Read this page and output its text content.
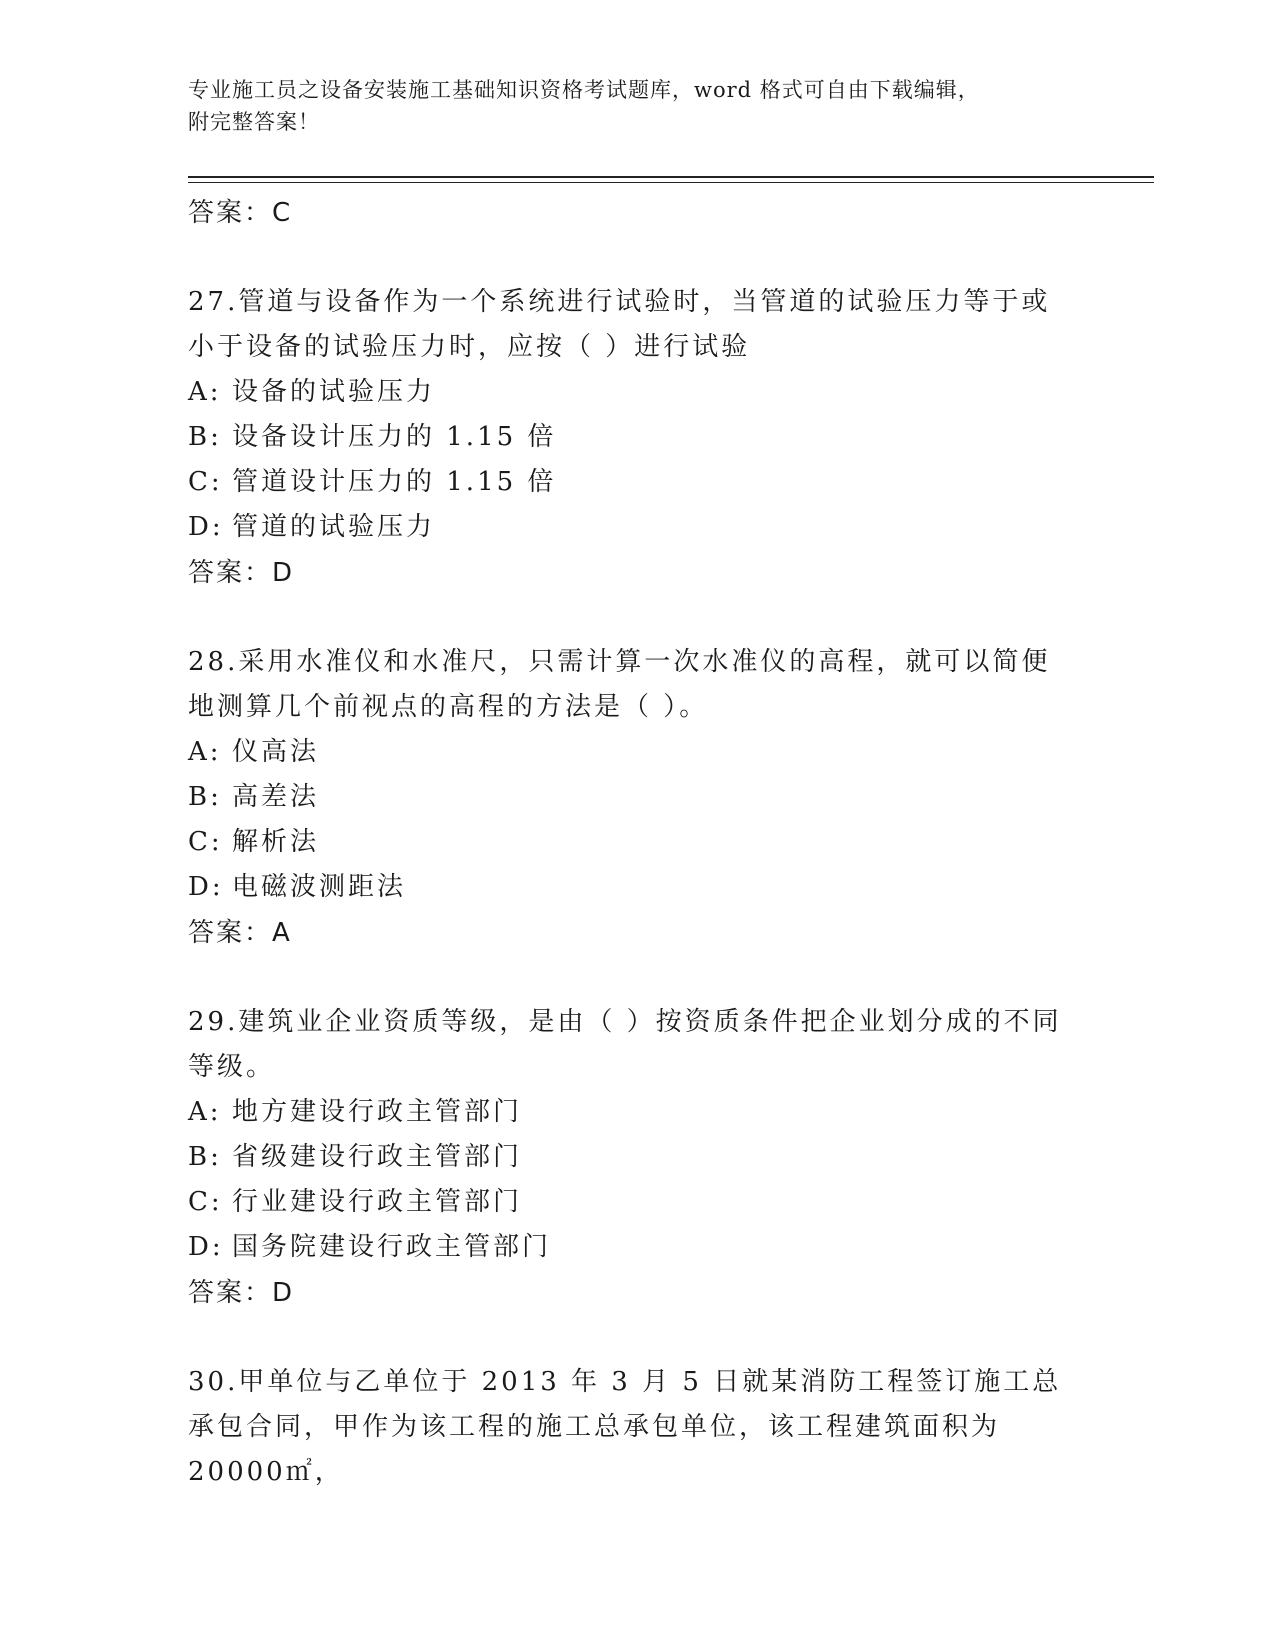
专业施工员之设备安装施工基础知识资格考试题库，word 格式可自由下载编辑，
附完整答案！
答案：C
27.管道与设备作为一个系统进行试验时，当管道的试验压力等于或小于设备的试验压力时，应按（ ）进行试验
A: 设备的试验压力
B: 设备设计压力的 1.15 倍
C: 管道设计压力的 1.15 倍
D: 管道的试验压力
答案：D
28.采用水准仪和水准尺，只需计算一次水准仪的高程，就可以简便地测算几个前视点的高程的方法是（ ）。
A: 仪高法
B: 高差法
C: 解析法
D: 电磁波测距法
答案：A
29.建筑业企业资质等级，是由（ ）按资质条件把企业划分成的不同等级。
A: 地方建设行政主管部门
B: 省级建设行政主管部门
C: 行业建设行政主管部门
D: 国务院建设行政主管部门
答案：D
30.甲单位与乙单位于 2013 年 3 月 5 日就某消防工程签订施工总承包合同，甲作为该工程的施工总承包单位，该工程建筑面积为 20000㎡，
